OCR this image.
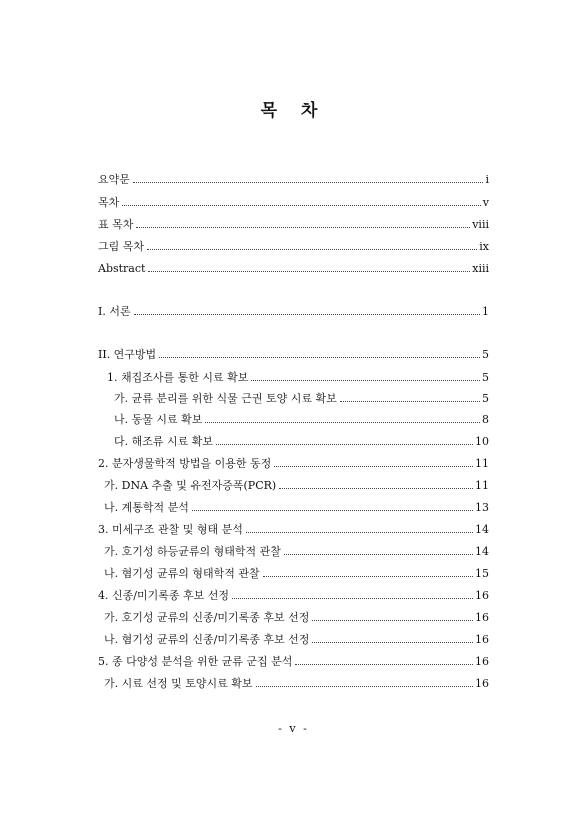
목 차
요약문	i
목차	v
표 목차	viii
그림 목차	ix
Abstract	xiii
I. 서론	1
II. 연구방법	5
1. 채집조사를 통한 시료 확보	5
가. 균류 분리를 위한 식물 근권 토양 시료 확보	5
나. 동물 시료 확보	8
다. 해조류 시료 확보	10
2. 분자생물학적 방법을 이용한 동정	11
가. DNA 추출 및 유전자증폭(PCR)	11
나. 계통학적 분석	13
3. 미세구조 관찰 및 형태 분석	14
가. 호기성 하등균류의 형태학적 관찰	14
나. 혐기성 균류의 형태학적 관찰	15
4. 신종/미기록종 후보 선정	16
가. 호기성 균류의 신종/미기록종 후보 선정	16
나. 혐기성 균류의 신종/미기록종 후보 선정	16
5. 종 다양성 분석을 위한 균류 군집 분석	16
가. 시료 선정 및 토양시료 확보	16
- v -
